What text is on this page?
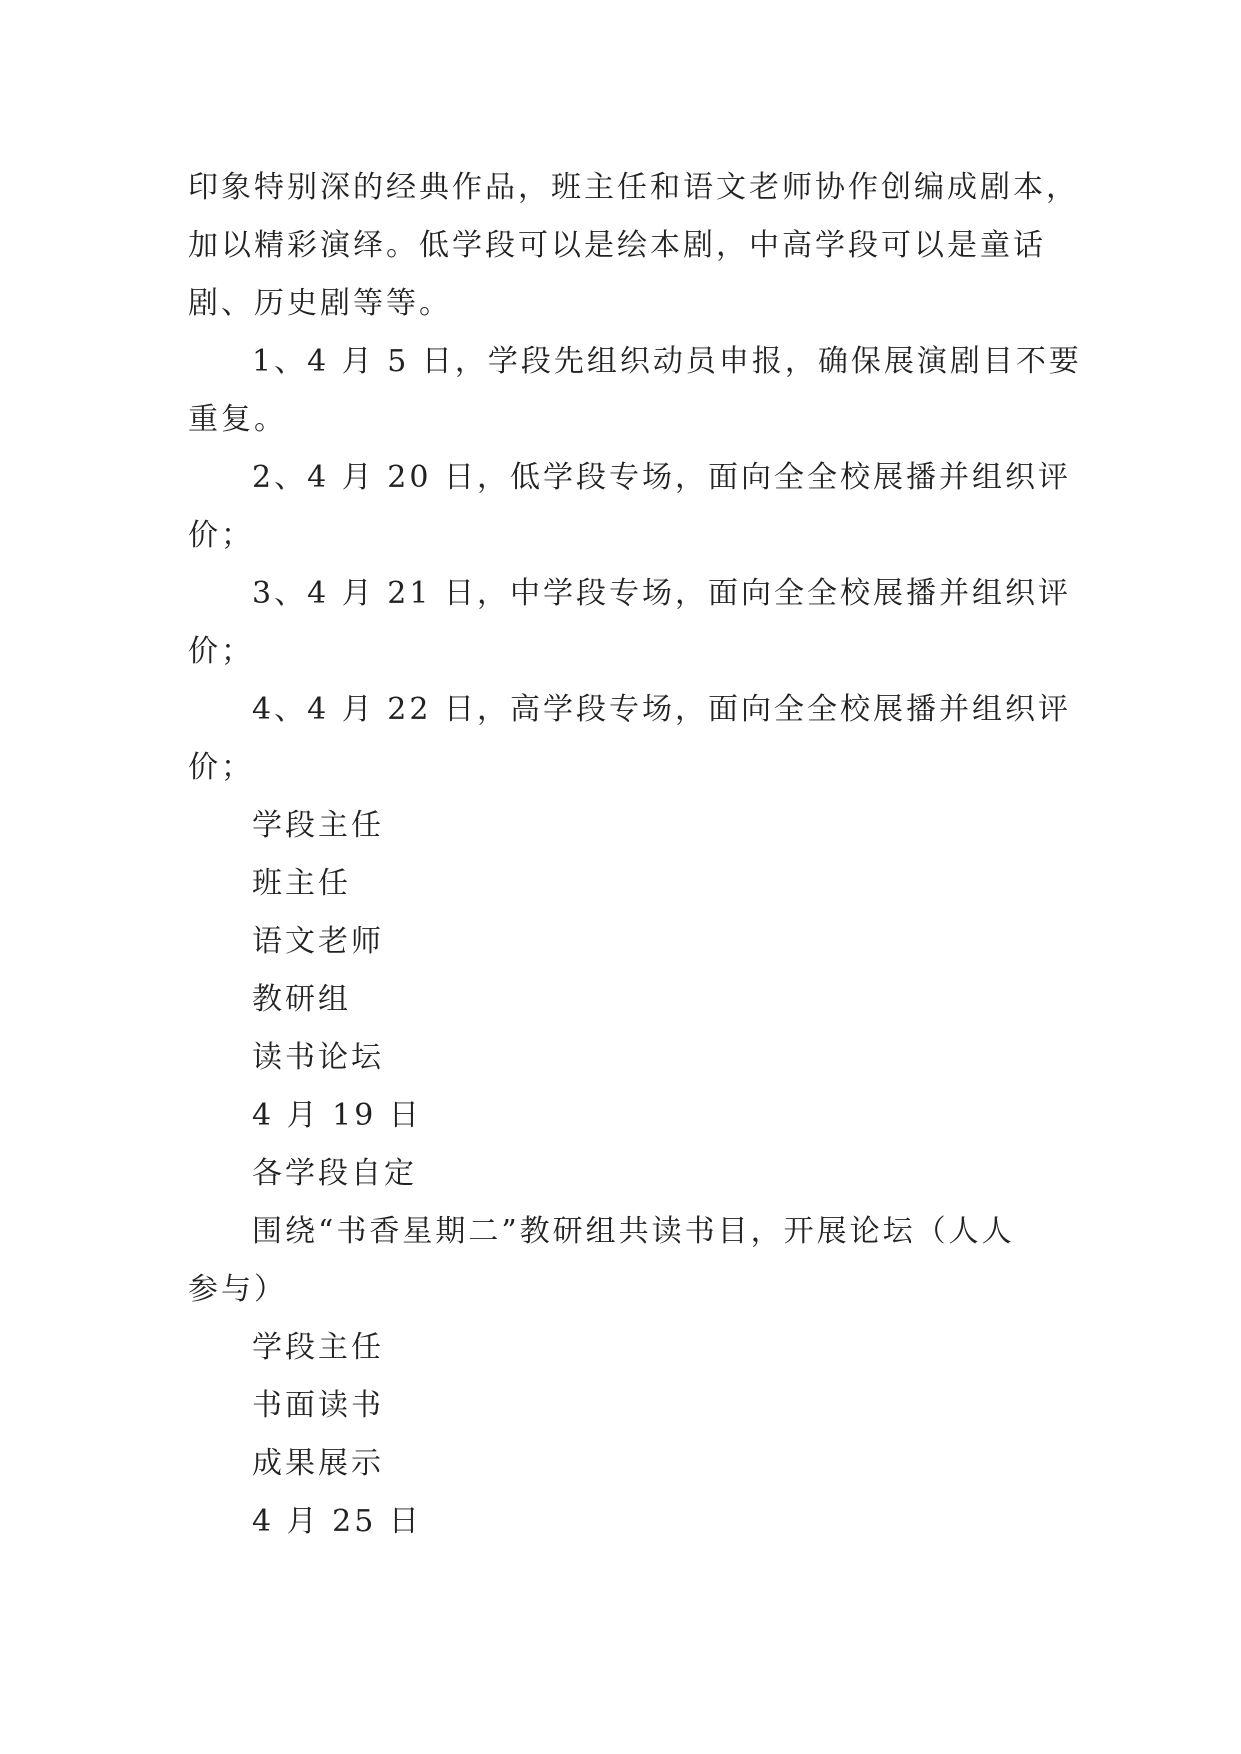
印象特别深的经典作品，班主任和语文老师协作创编成剧本，

加以精彩演绎。低学段可以是绘本剧，中高学段可以是童话

剧、历史剧等等。

1、4 月 5 日，学段先组织动员申报，确保展演剧目不要

重复。

2、4 月 20 日，低学段专场，面向全全校展播并组织评

价；

3、4 月 21 日，中学段专场，面向全全校展播并组织评

价；

4、4 月 22 日，高学段专场，面向全全校展播并组织评

价；

学段主任

班主任

语文老师

教研组

读书论坛

4 月 19 日

各学段自定

围绕“书香星期二”教研组共读书目，开展论坛（人人

参与）

学段主任

书面读书

成果展示

4 月 25 日
